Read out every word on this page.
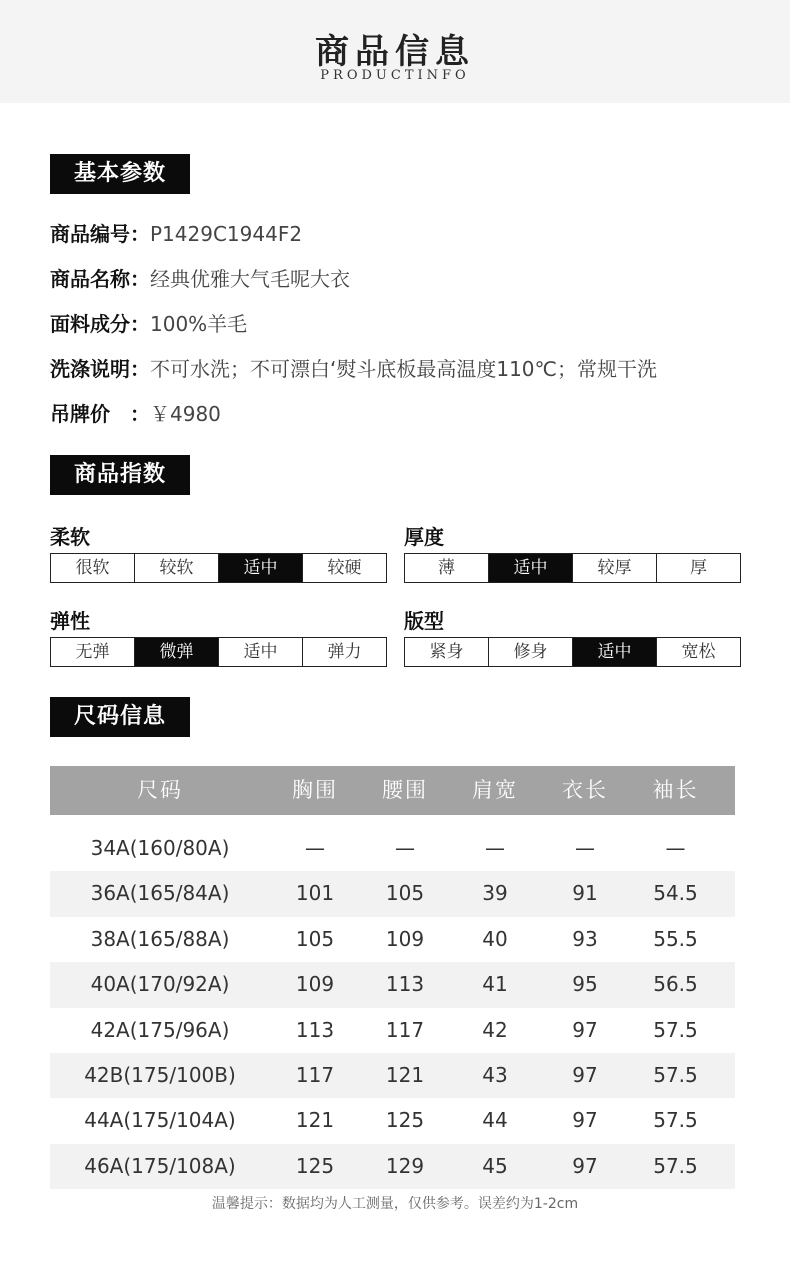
商品信息
PRODUCTINFO
基本参数
商品编号：P1429C1944F2
商品名称：经典优雅大气毛呢大衣
面料成分：100%羊毛
洗涤说明：不可水洗；不可漂白‘熨斗底板最高温度110℃；常规干洗
吊牌价　：￥4980
商品指数
柔软
很软	较软	适中	较硬
厚度
薄	适中	较厚	厚
弹性
无弹	微弹	适中	弹力
版型
紧身	修身	适中	宽松
尺码信息
尺码	胸围	腰围	肩宽	衣长	袖长
34A(160/80A)	—	—	—	—	—
36A(165/84A)	101	105	39	91	54.5
38A(165/88A)	105	109	40	93	55.5
40A(170/92A)	109	113	41	95	56.5
42A(175/96A)	113	117	42	97	57.5
42B(175/100B)	117	121	43	97	57.5
44A(175/104A)	121	125	44	97	57.5
46A(175/108A)	125	129	45	97	57.5
温馨提示：数据均为人工测量，仅供参考。误差约为1-2cm
